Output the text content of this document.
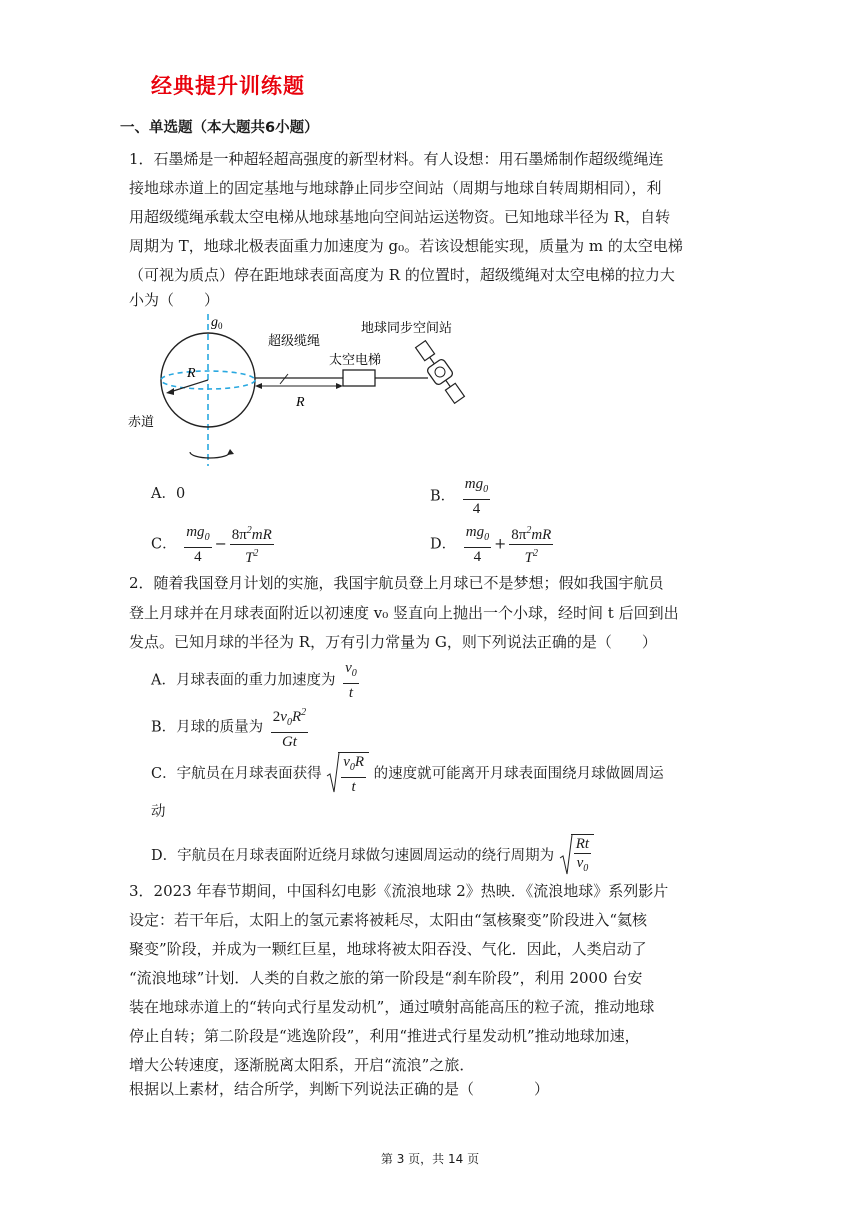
经典提升训练题
一、单选题（本大题共6小题）
1．石墨烯是一种超轻超高强度的新型材料。有人设想：用石墨烯制作超级缆绳连
接地球赤道上的固定基地与地球静止同步空间站（周期与地球自转周期相同），利
用超级缆绳承载太空电梯从地球基地向空间站运送物资。已知地球半径为 R，自转
周期为 T，地球北极表面重力加速度为 g₀。若该设想能实现，质量为 m 的太空电梯
（可视为质点）停在距地球表面高度为 R 的位置时，超级缆绳对太空电梯的拉力大
小为（　　）
$g_0$
R
赤道
超级缆绳
太空电梯
地球同步空间站
R
A．0	B． $\frac{mg_0}{4}$
C． $\frac{mg_0}{4} - \frac{8\pi^2mR}{T^2}$	D． $\frac{mg_0}{4} + \frac{8\pi^2mR}{T^2}$
2．随着我国登月计划的实施，我国宇航员登上月球已不是梦想；假如我国宇航员
登上月球并在月球表面附近以初速度 v₀ 竖直向上抛出一个小球，经时间 t 后回到出
发点。已知月球的半径为 R，万有引力常量为 G，则下列说法正确的是（　　）
A．月球表面的重力加速度为 $\frac{v_0}{t}$
B．月球的质量为 $\frac{2v_0R^2}{Gt}$
C．宇航员在月球表面获得 $\frac{v_0R}{t}$ 的速度就可能离开月球表面围绕月球做圆周运
动
D．宇航员在月球表面附近绕月球做匀速圆周运动的绕行周期为 $\frac{Rt}{v_0}$
3．2023 年春节期间，中国科幻电影《流浪地球 2》热映．《流浪地球》系列影片
设定：若干年后，太阳上的氢元素将被耗尽，太阳由“氢核聚变”阶段进入“氦核
聚变”阶段，并成为一颗红巨星，地球将被太阳吞没、气化．因此，人类启动了
“流浪地球”计划．人类的自救之旅的第一阶段是“刹车阶段”，利用 2000 台安
装在地球赤道上的“转向式行星发动机”，通过喷射高能高压的粒子流，推动地球
停止自转；第二阶段是“逃逸阶段”，利用“推进式行星发动机”推动地球加速，
增大公转速度，逐渐脱离太阳系，开启“流浪”之旅．
根据以上素材，结合所学，判断下列说法正确的是（　　　　）
第 3 页，共 14 页
